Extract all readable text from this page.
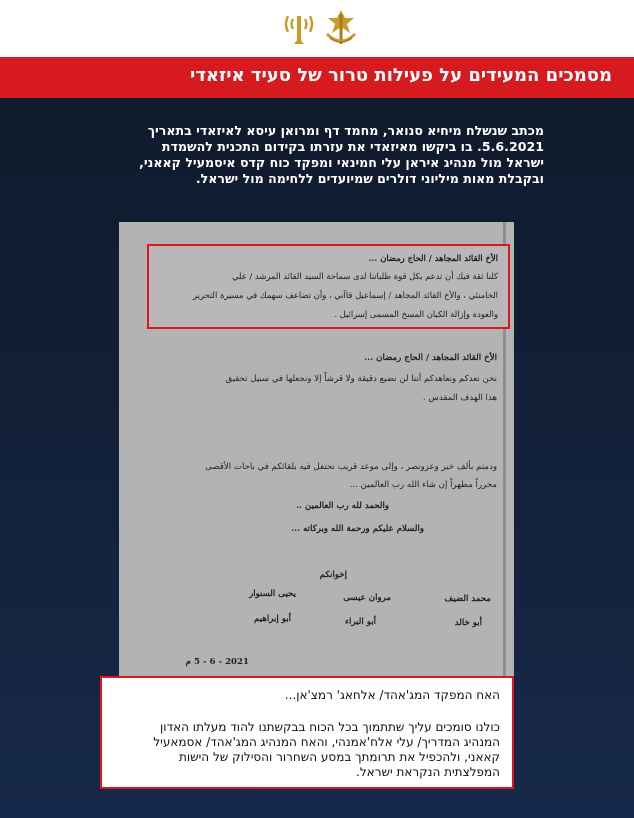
מסמכים המעידים על פעילות טרור של סעיד איזאדי
מכתב שנשלח מיחיא סנואר, מחמד דף ומרואן עיסא לאיזאדי בתאריך
5.6.2021. בו ביקשו מאיזאדי את עזרתו בקידום התכנית להשמדת
ישראל מול מנהיג איראן עלי חמינאי ומפקד כוח קדס איסמעיל קאאני,
ובקבלת מאות מיליוני דולרים שמיועדים ללחימה מול ישראל.
الأخ القائد المجاهد / الحاج رمضان ...
كلنا ثقة فيك أن تدعم بكل قوة طلباتنا لدى سماحة السيد القائد المرشد / علي
الخامنئي ، والأخ القائد المجاهد / إسماعيل قاآني ، وأن تضاعف سهمك في مسيرة التحرير
والعودة وإزالة الكيان المسخ المسمى إسرائيل .
الأخ القائد المجاهد / الحاج رمضان ...
نحن نعدكم ونعاهدكم أننا لن نضيع دقيقة ولا قرشاً إلا ونجعلها في سبيل تحقيق
هذا الهدف المقدس .
ودمتم بألف خير وعزونصر ، وإلى موعد قريب نحتفل فيه بلقائكم في باحات الأقصى
محرراً مطهراً إن شاء الله رب العالمين ...
والحمد لله رب العالمين ..
والسلام عليكم ورحمة الله وبركاته ...
إخوانكم
محمد الضيف
مروان عيسى
يحيى السنوار
أبو خالد
أبو البراء
أبو إبراهيم
2021 - 6 - 5 م
האח המפקד המג'אהד/ אלחאג' רמצ'אן...
כולנו סומכים עליך שתתמוך בכל הכוח בבקשתנו להוד מעלתו האדון
המנהיג המדריך/ עלי אלח'אמנהי, והאח המנהיג המג'אהד/ אסמאעיל
קאאני, ולהכפיל את תרומתך במסע השחרור והסילוק של הישות
המפלצתית הנקראת ישראל.
